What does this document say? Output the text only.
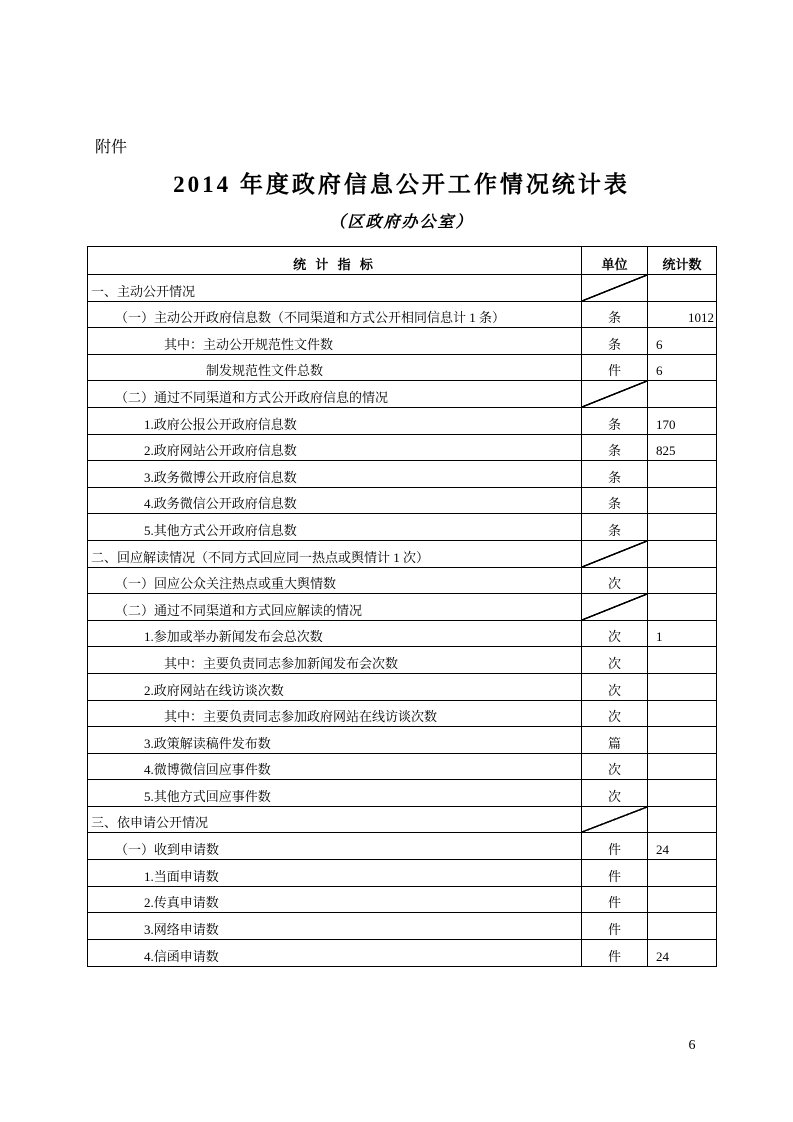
附件
2014 年度政府信息公开工作情况统计表
（区政府办公室）
统 计 指 标	单位	统计数
一、主动公开情况
（一）主动公开政府信息数（不同渠道和方式公开相同信息计 1 条）	条	1012
其中：主动公开规范性文件数	条	6
制发规范性文件总数	件	6
（二）通过不同渠道和方式公开政府信息的情况
1.政府公报公开政府信息数	条	170
2.政府网站公开政府信息数	条	825
3.政务微博公开政府信息数	条
4.政务微信公开政府信息数	条
5.其他方式公开政府信息数	条
二、回应解读情况（不同方式回应同一热点或舆情计 1 次）
（一）回应公众关注热点或重大舆情数	次
（二）通过不同渠道和方式回应解读的情况
1.参加或举办新闻发布会总次数	次	1
其中：主要负责同志参加新闻发布会次数	次
2.政府网站在线访谈次数	次
其中：主要负责同志参加政府网站在线访谈次数	次
3.政策解读稿件发布数	篇
4.微博微信回应事件数	次
5.其他方式回应事件数	次
三、依申请公开情况
（一）收到申请数	件	24
1.当面申请数	件
2.传真申请数	件
3.网络申请数	件
4.信函申请数	件	24
6
